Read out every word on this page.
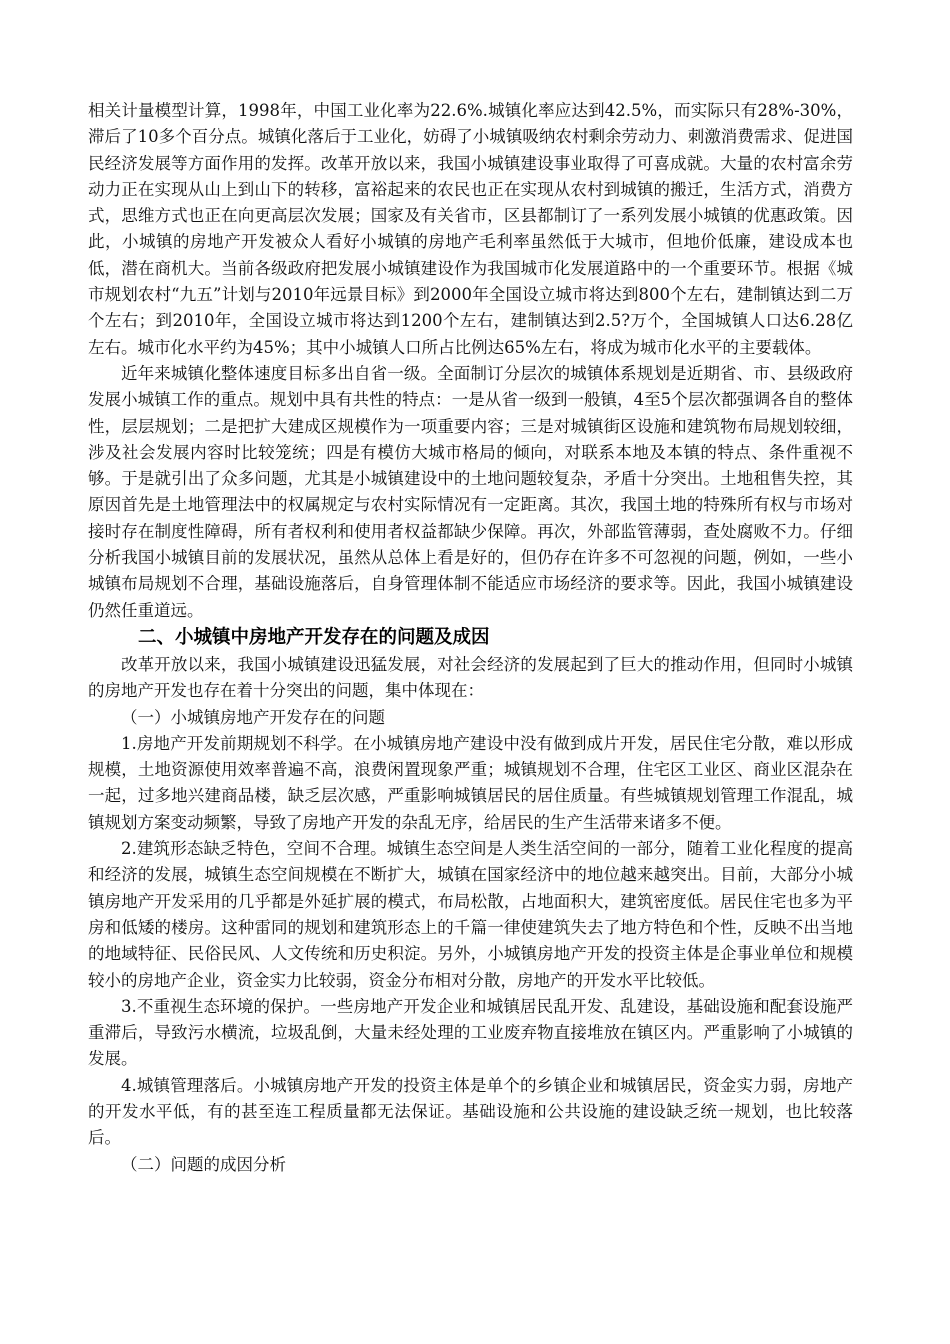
相关计量模型计算，1998年，中国工业化率为22.6%.城镇化率应达到42.5%，而实际只有28%-30%，滞后了10多个百分点。城镇化落后于工业化，妨碍了小城镇吸纳农村剩余劳动力、刺激消费需求、促进国民经济发展等方面作用的发挥。改革开放以来，我国小城镇建设事业取得了可喜成就。大量的农村富余劳动力正在实现从山上到山下的转移，富裕起来的农民也正在实现从农村到城镇的搬迁，生活方式，消费方式，思维方式也正在向更高层次发展；国家及有关省市，区县都制订了一系列发展小城镇的优惠政策。因此，小城镇的房地产开发被众人看好小城镇的房地产毛利率虽然低于大城市，但地价低廉，建设成本也低，潜在商机大。当前各级政府把发展小城镇建设作为我国城市化发展道路中的一个重要环节。根据《城市规划农村“九五”计划与2010年远景目标》到2000年全国设立城市将达到800个左右，建制镇达到二万个左右；到2010年，全国设立城市将达到1200个左右，建制镇达到2.5?万个，全国城镇人口达6.28亿左右。城市化水平约为45%；其中小城镇人口所占比例达65%左右，将成为城市化水平的主要载体。

近年来城镇化整体速度目标多出自省一级。全面制订分层次的城镇体系规划是近期省、市、县级政府发展小城镇工作的重点。规划中具有共性的特点：一是从省一级到一般镇，4至5个层次都强调各自的整体性，层层规划；二是把扩大建成区规模作为一项重要内容；三是对城镇街区设施和建筑物布局规划较细，涉及社会发展内容时比较笼统；四是有模仿大城市格局的倾向，对联系本地及本镇的特点、条件重视不够。于是就引出了众多问题，尤其是小城镇建设中的土地问题较复杂，矛盾十分突出。土地租售失控，其原因首先是土地管理法中的权属规定与农村实际情况有一定距离。其次，我国土地的特殊所有权与市场对接时存在制度性障碍，所有者权利和使用者权益都缺少保障。再次，外部监管薄弱，查处腐败不力。仔细分析我国小城镇目前的发展状况，虽然从总体上看是好的，但仍存在许多不可忽视的问题，例如，一些小城镇布局规划不合理，基础设施落后，自身管理体制不能适应市场经济的要求等。因此，我国小城镇建设仍然任重道远。

二、小城镇中房地产开发存在的问题及成因

改革开放以来，我国小城镇建设迅猛发展，对社会经济的发展起到了巨大的推动作用，但同时小城镇的房地产开发也存在着十分突出的问题，集中体现在：

（一）小城镇房地产开发存在的问题

1.房地产开发前期规划不科学。在小城镇房地产建设中没有做到成片开发，居民住宅分散，难以形成规模，土地资源使用效率普遍不高，浪费闲置现象严重；城镇规划不合理，住宅区工业区、商业区混杂在一起，过多地兴建商品楼，缺乏层次感，严重影响城镇居民的居住质量。有些城镇规划管理工作混乱，城镇规划方案变动频繁，导致了房地产开发的杂乱无序，给居民的生产生活带来诸多不便。

2.建筑形态缺乏特色，空间不合理。城镇生态空间是人类生活空间的一部分，随着工业化程度的提高和经济的发展，城镇生态空间规模在不断扩大，城镇在国家经济中的地位越来越突出。目前，大部分小城镇房地产开发采用的几乎都是外延扩展的模式，布局松散，占地面积大，建筑密度低。居民住宅也多为平房和低矮的楼房。这种雷同的规划和建筑形态上的千篇一律使建筑失去了地方特色和个性，反映不出当地的地域特征、民俗民风、人文传统和历史积淀。另外，小城镇房地产开发的投资主体是企事业单位和规模较小的房地产企业，资金实力比较弱，资金分布相对分散，房地产的开发水平比较低。

3.不重视生态环境的保护。一些房地产开发企业和城镇居民乱开发、乱建设，基础设施和配套设施严重滞后，导致污水横流，垃圾乱倒，大量未经处理的工业废弃物直接堆放在镇区内。严重影响了小城镇的发展。

4.城镇管理落后。小城镇房地产开发的投资主体是单个的乡镇企业和城镇居民，资金实力弱，房地产的开发水平低，有的甚至连工程质量都无法保证。基础设施和公共设施的建设缺乏统一规划，也比较落后。

（二）问题的成因分析
